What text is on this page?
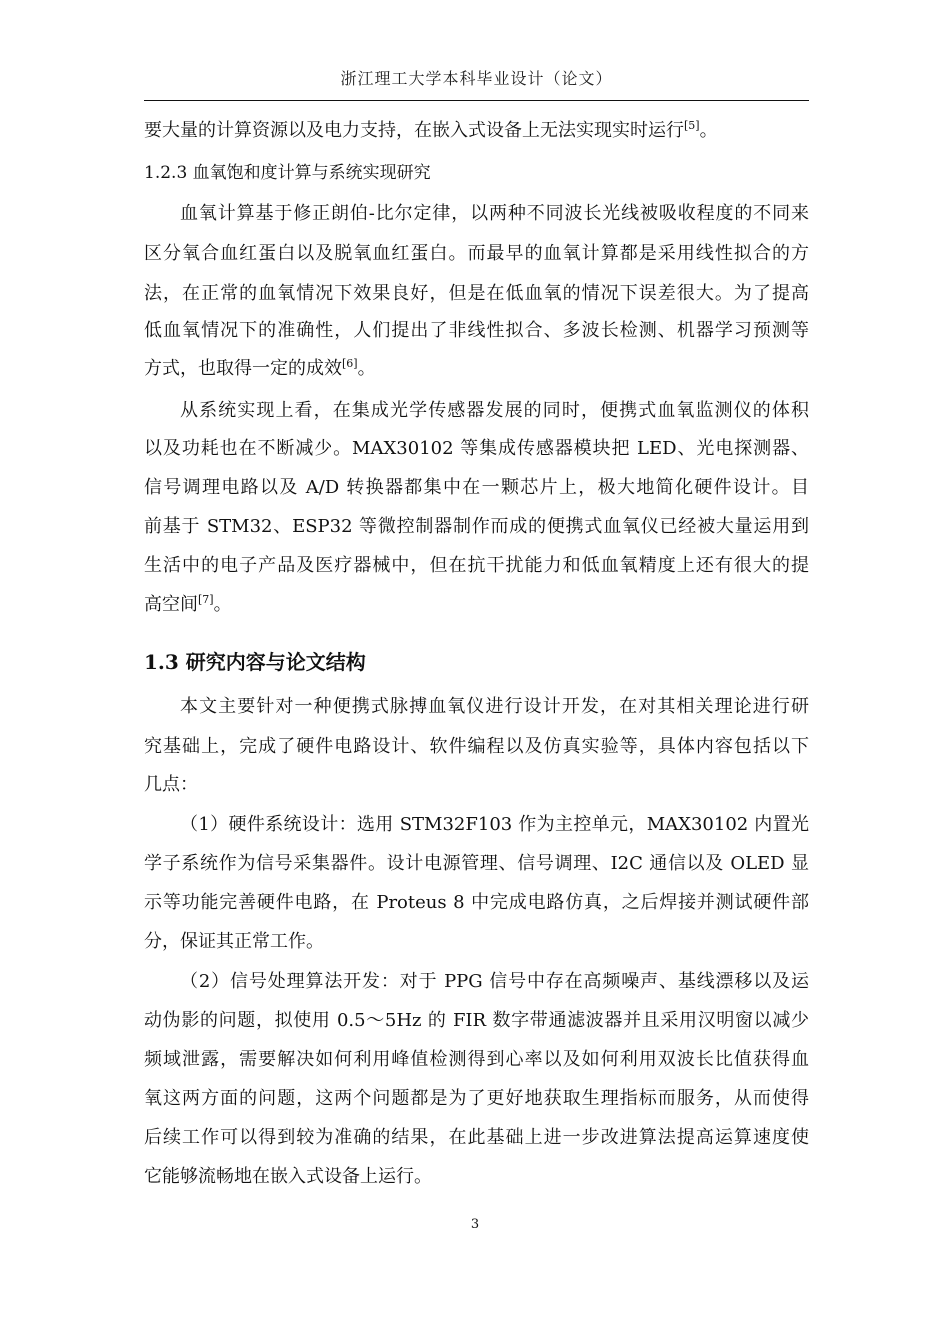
浙江理工大学本科毕业设计（论文）
要大量的计算资源以及电力支持，在嵌入式设备上无法实现实时运行[5]。
1.2.3 血氧饱和度计算与系统实现研究
血氧计算基于修正朗伯-比尔定律，以两种不同波长光线被吸收程度的不同来
区分氧合血红蛋白以及脱氧血红蛋白。而最早的血氧计算都是采用线性拟合的方
法，在正常的血氧情况下效果良好，但是在低血氧的情况下误差很大。为了提高
低血氧情况下的准确性，人们提出了非线性拟合、多波长检测、机器学习预测等
方式，也取得一定的成效[6]。
从系统实现上看，在集成光学传感器发展的同时，便携式血氧监测仪的体积
以及功耗也在不断减少。MAX30102 等集成传感器模块把 LED、光电探测器、
信号调理电路以及 A/D 转换器都集中在一颗芯片上，极大地简化硬件设计。目
前基于 STM32、ESP32 等微控制器制作而成的便携式血氧仪已经被大量运用到
生活中的电子产品及医疗器械中，但在抗干扰能力和低血氧精度上还有很大的提
高空间[7]。
1.3 研究内容与论文结构
本文主要针对一种便携式脉搏血氧仪进行设计开发，在对其相关理论进行研
究基础上，完成了硬件电路设计、软件编程以及仿真实验等，具体内容包括以下
几点：
（1）硬件系统设计：选用 STM32F103 作为主控单元，MAX30102 内置光
学子系统作为信号采集器件。设计电源管理、信号调理、I2C 通信以及 OLED 显
示等功能完善硬件电路，在 Proteus 8 中完成电路仿真，之后焊接并测试硬件部
分，保证其正常工作。
（2）信号处理算法开发：对于 PPG 信号中存在高频噪声、基线漂移以及运
动伪影的问题，拟使用 0.5～5Hz 的 FIR 数字带通滤波器并且采用汉明窗以减少
频域泄露，需要解决如何利用峰值检测得到心率以及如何利用双波长比值获得血
氧这两方面的问题，这两个问题都是为了更好地获取生理指标而服务，从而使得
后续工作可以得到较为准确的结果，在此基础上进一步改进算法提高运算速度使
它能够流畅地在嵌入式设备上运行。
3
